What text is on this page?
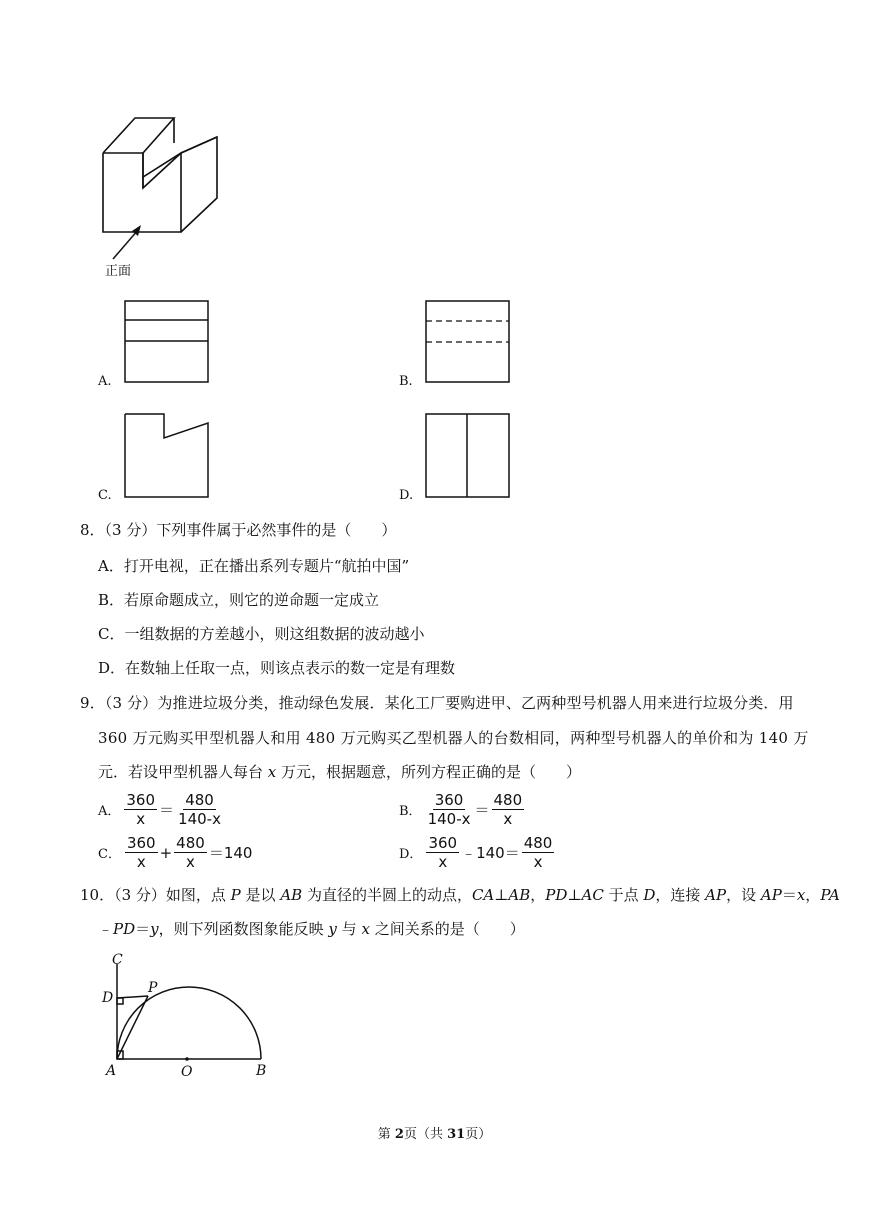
正面
A.	B.
C.	D.
8．（3 分）下列事件属于必然事件的是（　　）
A．打开电视，正在播出系列专题片“航拍中国”
B．若原命题成立，则它的逆命题一定成立
C．一组数据的方差越小，则这组数据的波动越小
D．在数轴上任取一点，则该点表示的数一定是有理数
9．（3 分）为推进垃圾分类，推动绿色发展．某化工厂要购进甲、乙两种型号机器人用来进行垃圾分类．用
360 万元购买甲型机器人和用 480 万元购买乙型机器人的台数相同，两种型号机器人的单价和为 140 万
元．若设甲型机器人每台 x 万元，根据题意，所列方程正确的是（　　）
A． $\frac{360}{x} = \frac{480}{140-x}$	B． $\frac{360}{140-x} = \frac{480}{x}$
C． $\frac{360}{x} + \frac{480}{x} =140$	D． $\frac{360}{x}$ ﹣140＝ $\frac{480}{x}$
10．（3 分）如图，点 P 是以 AB 为直径的半圆上的动点，CA⊥AB，PD⊥AC 于点 D，连接 AP，设 AP＝x，PA
﹣PD＝y，则下列函数图象能反映 y 与 x 之间关系的是（　　）
C
D
P
A	O	B
第 2页（共 31页）
